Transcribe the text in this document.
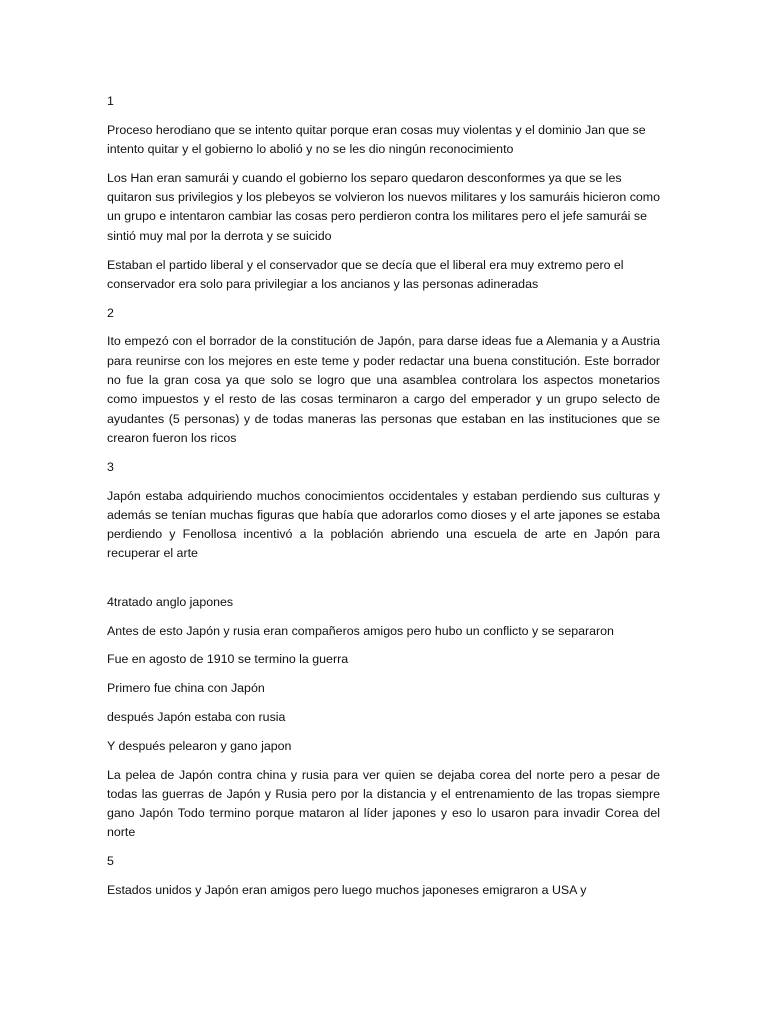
1

Proceso herodiano que se intento quitar porque eran cosas muy violentas y el dominio Jan que se intento quitar y el gobierno lo abolió y no se les dio ningún reconocimiento

Los Han eran samurái y cuando el gobierno los separo quedaron desconformes ya que se les quitaron sus privilegios y los plebeyos se volvieron los nuevos militares y los samuráis hicieron como un grupo e intentaron cambiar las cosas pero perdieron contra los militares pero el jefe samurái se sintió muy mal por la derrota y se suicido

Estaban el partido liberal y el conservador que se decía que el liberal era muy extremo pero el conservador era solo para privilegiar a los ancianos y las personas adineradas

2

Ito empezó con el borrador de la constitución de Japón, para darse ideas fue a Alemania y a Austria para reunirse con los mejores en este teme y poder redactar una buena constitución. Este borrador no fue la gran cosa ya que solo se logro que una asamblea controlara los aspectos monetarios como impuestos y el resto de las cosas terminaron a cargo del emperador y un grupo selecto de ayudantes (5 personas) y de todas maneras las personas que estaban en las instituciones que se crearon fueron los ricos

3

Japón estaba adquiriendo muchos conocimientos occidentales y estaban perdiendo sus culturas y además se tenían muchas figuras que había que adorarlos como dioses y el arte japones se estaba perdiendo y Fenollosa incentivó a la población abriendo una escuela de arte en Japón para recuperar el arte

4tratado anglo japones

Antes de esto Japón y rusia eran compañeros amigos pero hubo un conflicto y se separaron

Fue en agosto de 1910 se termino la guerra

Primero fue china con Japón

después Japón estaba con rusia

Y después pelearon y gano japon

La pelea de Japón contra china y rusia para ver quien se dejaba corea del norte pero a pesar de todas las guerras de Japón y Rusia pero por la distancia y el entrenamiento de las tropas siempre gano Japón Todo termino porque mataron al líder japones y eso lo usaron para invadir Corea del norte

5

Estados unidos y Japón eran amigos pero luego muchos japoneses emigraron a USA y
